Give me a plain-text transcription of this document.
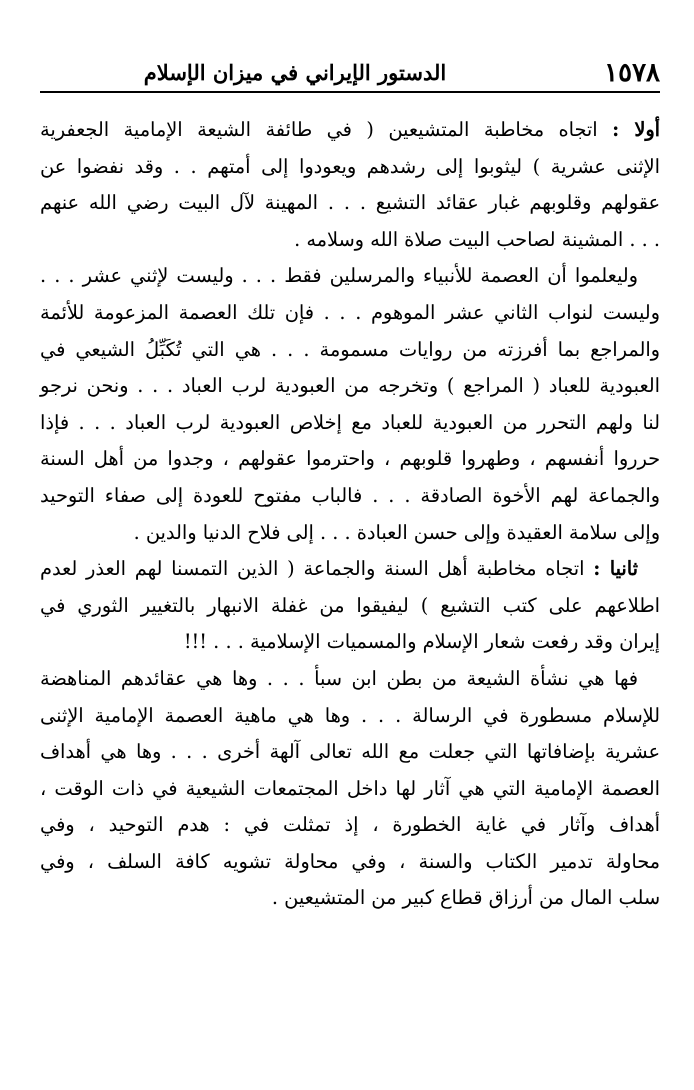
١٥٧٨
الدستور الإيراني في ميزان الإسلام

أولا : اتجاه مخاطبة المتشيعين ( في طائفة الشيعة الإمامية الجعفرية
الإثنى عشرية ) ليثوبوا إلى رشدهم ويعودوا إلى أمتهم . . وقد نفضوا عن
عقولهم وقلوبهم غبار عقائد التشيع . . . المهينة لآل البيت رضي الله عنهم
. . . المشينة لصاحب البيت صلاة الله وسلامه .

وليعلموا أن العصمة للأنبياء والمرسلين فقط . . . وليست لإثني عشر . . .
وليست لنواب الثاني عشر الموهوم . . . فإن تلك العصمة المزعومة للأئمة
والمراجع بما أفرزته من روايات مسمومة . . . هي التي تُكَبِّلُ الشيعي في
العبودية للعباد ( المراجع ) وتخرجه من العبودية لرب العباد . . . ونحن نرجو
لنا ولهم التحرر من العبودية للعباد مع إخلاص العبودية لرب العباد . . . فإذا
حرروا أنفسهم ، وطهروا قلوبهم ، واحترموا عقولهم ، وجدوا من أهل السنة
والجماعة لهم الأخوة الصادقة . . . فالباب مفتوح للعودة إلى صفاء التوحيد
وإلى سلامة العقيدة وإلى حسن العبادة . . . إلى فلاح الدنيا والدين .

ثانيا : اتجاه مخاطبة أهل السنة والجماعة ( الذين التمسنا لهم العذر لعدم
اطلاعهم على كتب التشيع ) ليفيقوا من غفلة الانبهار بالتغيير الثوري في
إيران وقد رفعت شعار الإسلام والمسميات الإسلامية . . . !!!

فها هي نشأة الشيعة من بطن ابن سبأ . . . وها هي عقائدهم المناهضة
للإسلام مسطورة في الرسالة . . . وها هي ماهية العصمة الإمامية الإثنى
عشرية بإضافاتها التي جعلت مع الله تعالى آلهة أخرى . . . وها هي أهداف
العصمة الإمامية التي هي آثار لها داخل المجتمعات الشيعية في ذات الوقت ،
أهداف وآثار في غاية الخطورة ، إذ تمثلت في : هدم التوحيد ، وفي
محاولة تدمير الكتاب والسنة ، وفي محاولة تشويه كافة السلف ، وفي
سلب المال من أرزاق قطاع كبير من المتشيعين .
